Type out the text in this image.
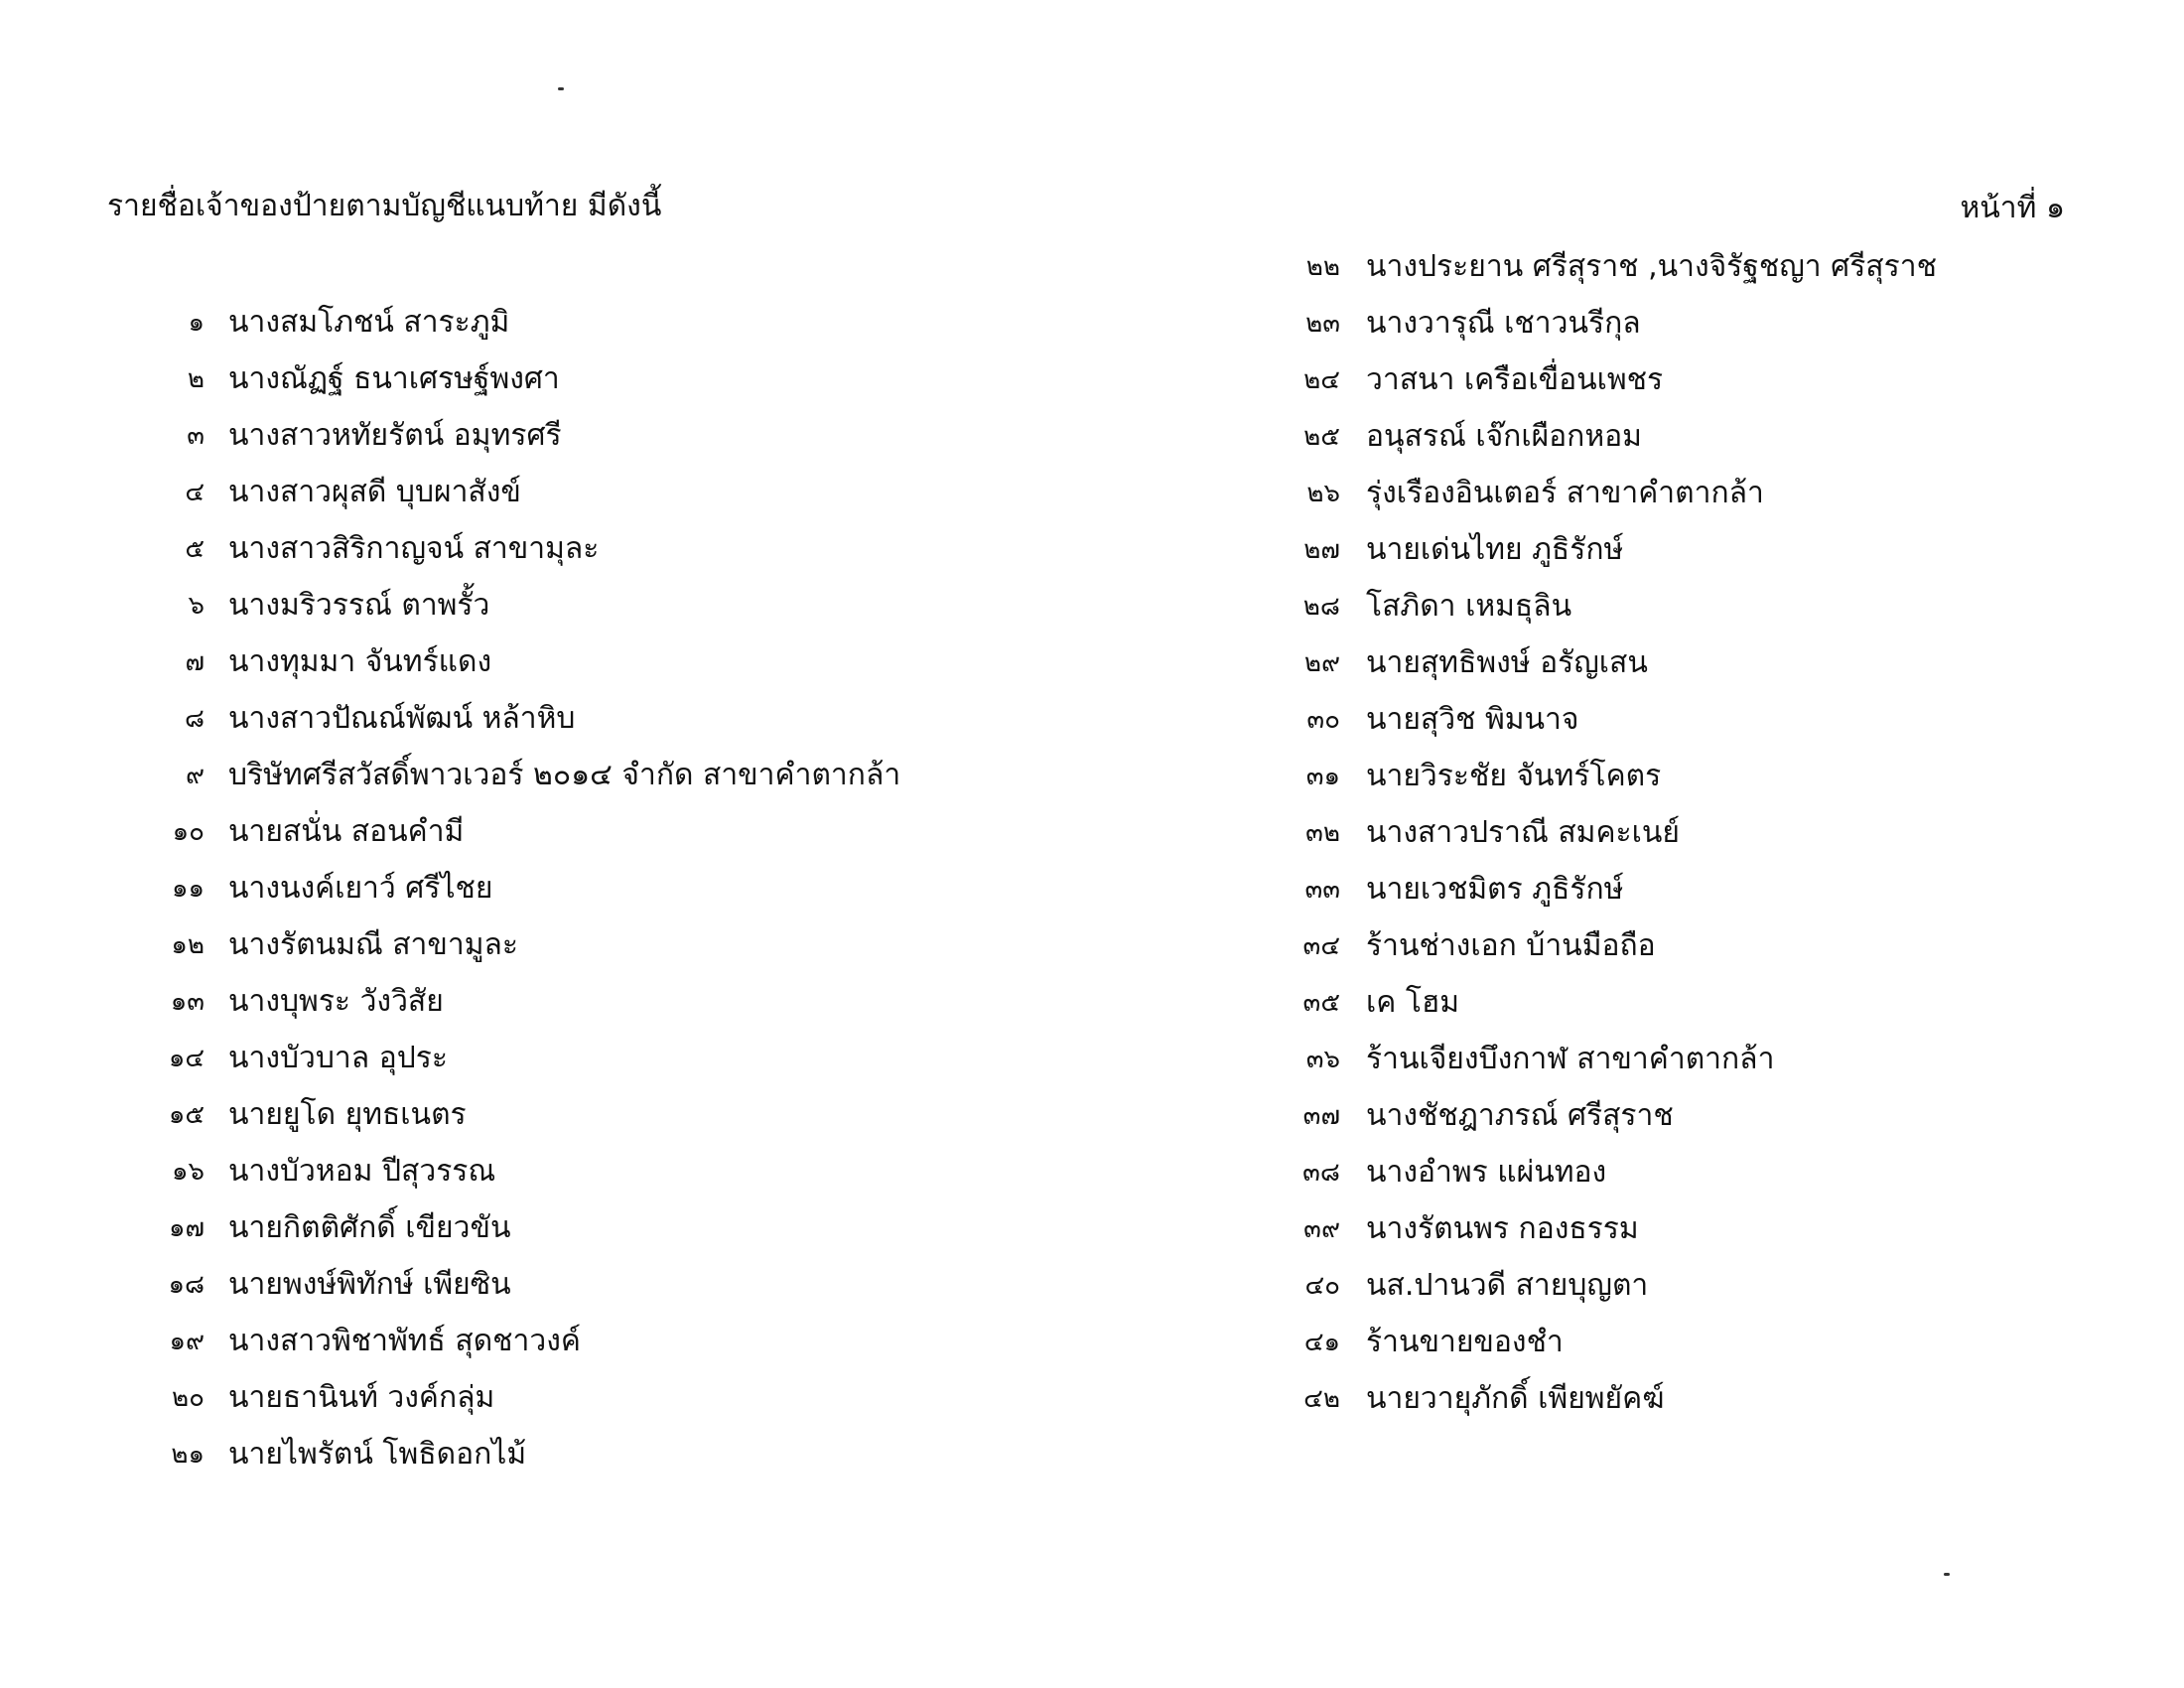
รายชื่อเจ้าของป้ายตามบัญชีแนบท้าย มีดังนี้	หน้าที่ ๑
๑ นางสมโภชน์ สาระภูมิ
๒ นางณัฏฐ์ ธนาเศรษฐ์พงศา
๓ นางสาวหทัยรัตน์ อมุทรศรี
๔ นางสาวผุสดี บุบผาสังข์
๕ นางสาวสิริกาญจน์ สาขามุละ
๖ นางมริวรรณ์ ตาพรั้ว
๗ นางทุมมา จันทร์แดง
๘ นางสาวปัณณ์พัฒน์ หล้าหิบ
๙ บริษัทศรีสวัสดิ์พาวเวอร์ ๒๐๑๔ จำกัด สาขาคำตากล้า
๑๐ นายสนั่น สอนคำมี
๑๑ นางนงค์เยาว์ ศรีไชย
๑๒ นางรัตนมณี สาขามูละ
๑๓ นางบุพระ วังวิสัย
๑๔ นางบัวบาล อุประ
๑๕ นายยูโด ยุทธเนตร
๑๖ นางบัวหอม ปีสุวรรณ
๑๗ นายกิตติศักดิ์ เขียวขัน
๑๘ นายพงษ์พิทักษ์ เพียซิน
๑๙ นางสาวพิชาพัทธ์ สุดชาวงค์
๒๐ นายธานินท์ วงค์กลุ่ม
๒๑ นายไพรัตน์ โพธิดอกไม้
๒๒ นางประยาน ศรีสุราช ,นางจิรัฐชญา ศรีสุราช
๒๓ นางวารุณี เชาวนรีกุล
๒๔ วาสนา เครือเขื่อนเพชร
๒๕ อนุสรณ์ เจ๊กเผือกหอม
๒๖ รุ่งเรืองอินเตอร์ สาขาคำตากล้า
๒๗ นายเด่นไทย ภูธิรักษ์
๒๘ โสภิดา เหมธุลิน
๒๙ นายสุทธิพงษ์ อรัญเสน
๓๐ นายสุวิช พิมนาจ
๓๑ นายวิระชัย จันทร์โคตร
๓๒ นางสาวปราณี สมคะเนย์
๓๓ นายเวชมิตร ภูธิรักษ์
๓๔ ร้านช่างเอก บ้านมือถือ
๓๕ เค โฮม
๓๖ ร้านเจียงบึงกาฬ สาขาคำตากล้า
๓๗ นางชัชฎาภรณ์ ศรีสุราช
๓๘ นางอำพร แผ่นทอง
๓๙ นางรัตนพร กองธรรม
๔๐ นส.ปานวดี สายบุญตา
๔๑ ร้านขายของชำ
๔๒ นายวายุภักดิ์ เพียพยัคฆ์
